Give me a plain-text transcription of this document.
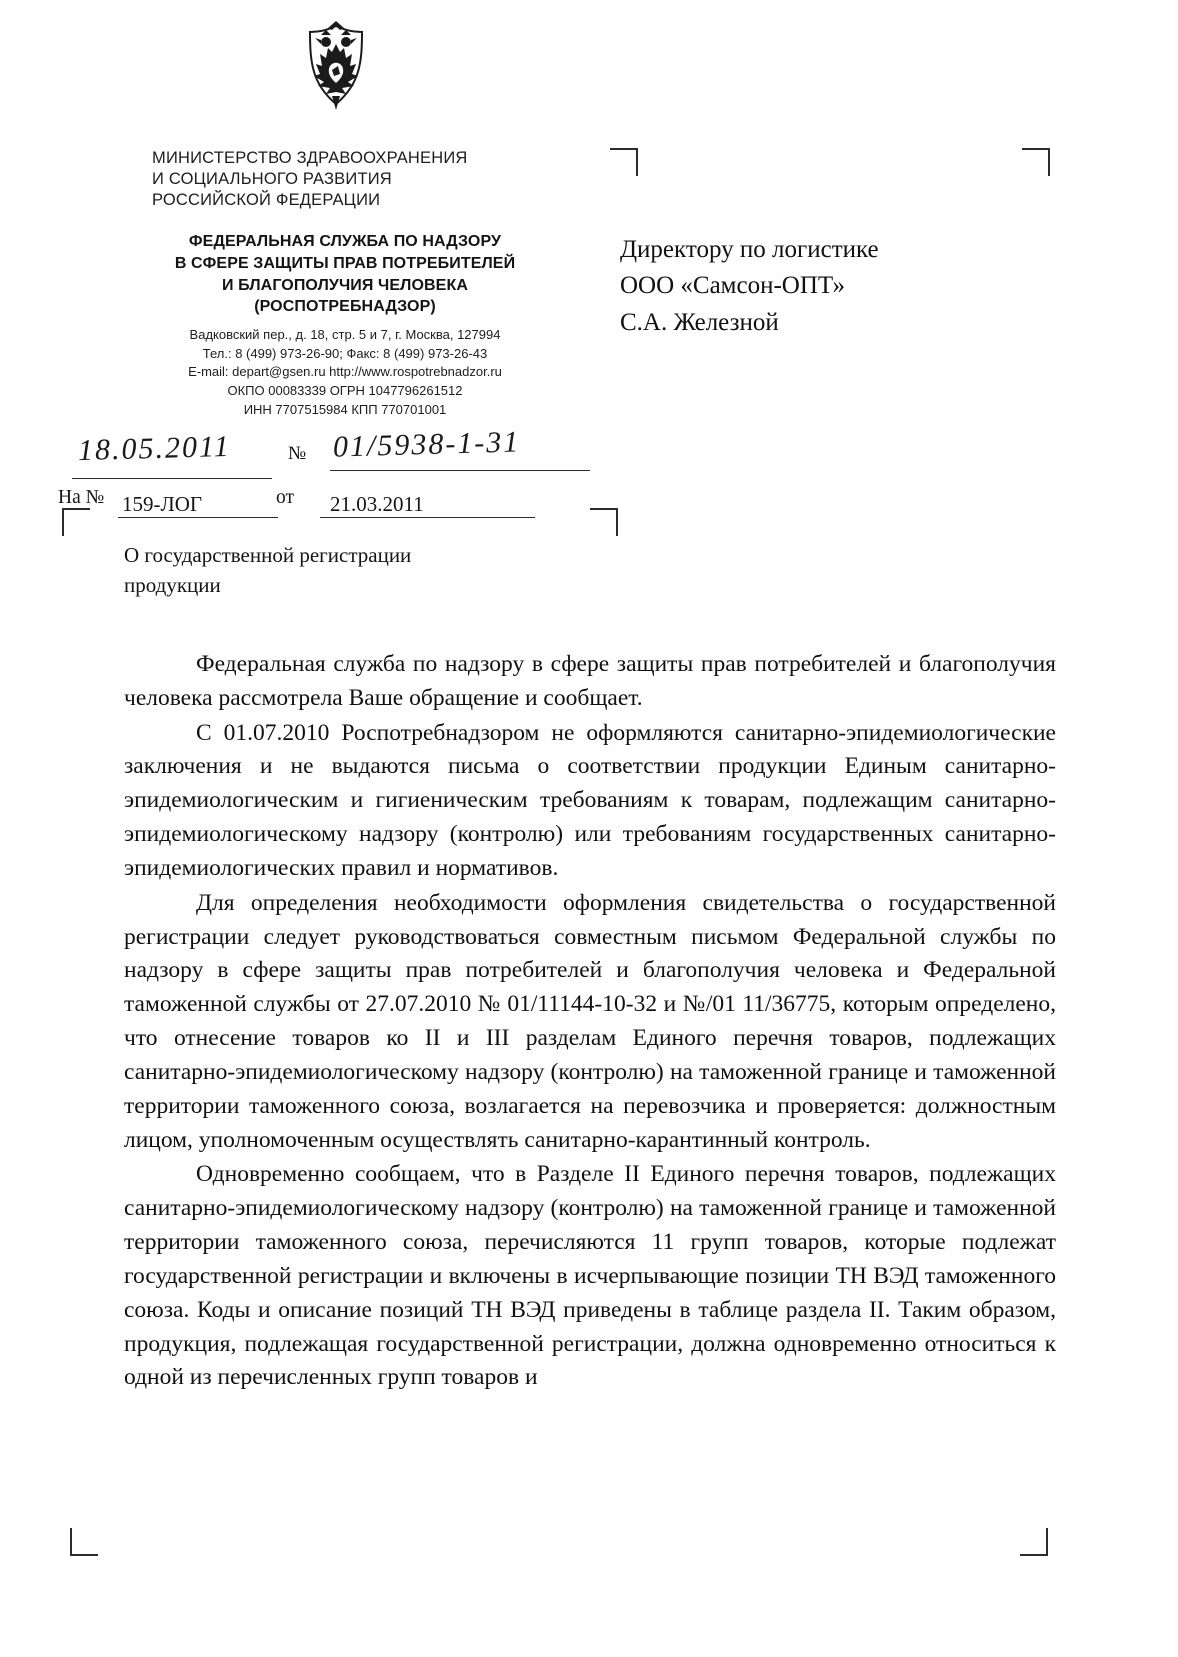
МИНИСТЕРСТВО ЗДРАВООХРАНЕНИЯ
И СОЦИАЛЬНОГО РАЗВИТИЯ
РОССИЙСКОЙ ФЕДЕРАЦИИ
ФЕДЕРАЛЬНАЯ СЛУЖБА ПО НАДЗОРУ
В СФЕРЕ ЗАЩИТЫ ПРАВ ПОТРЕБИТЕЛЕЙ
И БЛАГОПОЛУЧИЯ ЧЕЛОВЕКА
(РОСПОТРЕБНАДЗОР)
Вадковский пер., д. 18, стр. 5 и 7, г. Москва, 127994
Тел.: 8 (499) 973-26-90; Факс: 8 (499) 973-26-43
E-mail: depart@gsen.ru http://www.rospotrebnadzor.ru
ОКПО 00083339 ОГРН 1047796261512
ИНН 7707515984 КПП 770701001
Директору по логистике
ООО «Самсон-ОПТ»
С.А. Железной
18.05.2011	№ 01/5938-1-31
На № 159-ЛОГ	от 21.03.2011
О государственной регистрации
продукции

Федеральная служба по надзору в сфере защиты прав потребителей и благополучия человека рассмотрела Ваше обращение и сообщает.

С 01.07.2010 Роспотребнадзором не оформляются санитарно-эпидемиологические заключения и не выдаются письма о соответствии продукции Единым санитарно-эпидемиологическим и гигиеническим требованиям к товарам, подлежащим санитарно-эпидемиологическому надзору (контролю) или требованиям государственных санитарно-эпидемиологических правил и нормативов.

Для определения необходимости оформления свидетельства о государственной регистрации следует руководствоваться совместным письмом Федеральной службы по надзору в сфере защиты прав потребителей и благополучия человека и Федеральной таможенной службы от 27.07.2010 № 01/11144-10-32 и №/01 11/36775, которым определено, что отнесение товаров ко II и III разделам Единого перечня товаров, подлежащих санитарно-эпидемиологическому надзору (контролю) на таможенной границе и таможенной территории таможенного союза, возлагается на перевозчика и проверяется: должностным лицом, уполномоченным осуществлять санитарно-карантинный контроль.

Одновременно сообщаем, что в Разделе II Единого перечня товаров, подлежащих санитарно-эпидемиологическому надзору (контролю) на таможенной границе и таможенной территории таможенного союза, перечисляются 11 групп товаров, которые подлежат государственной регистрации и включены в исчерпывающие позиции ТН ВЭД таможенного союза. Коды и описание позиций ТН ВЭД приведены в таблице раздела II. Таким образом, продукция, подлежащая государственной регистрации, должна одновременно относиться к одной из перечисленных групп товаров и
